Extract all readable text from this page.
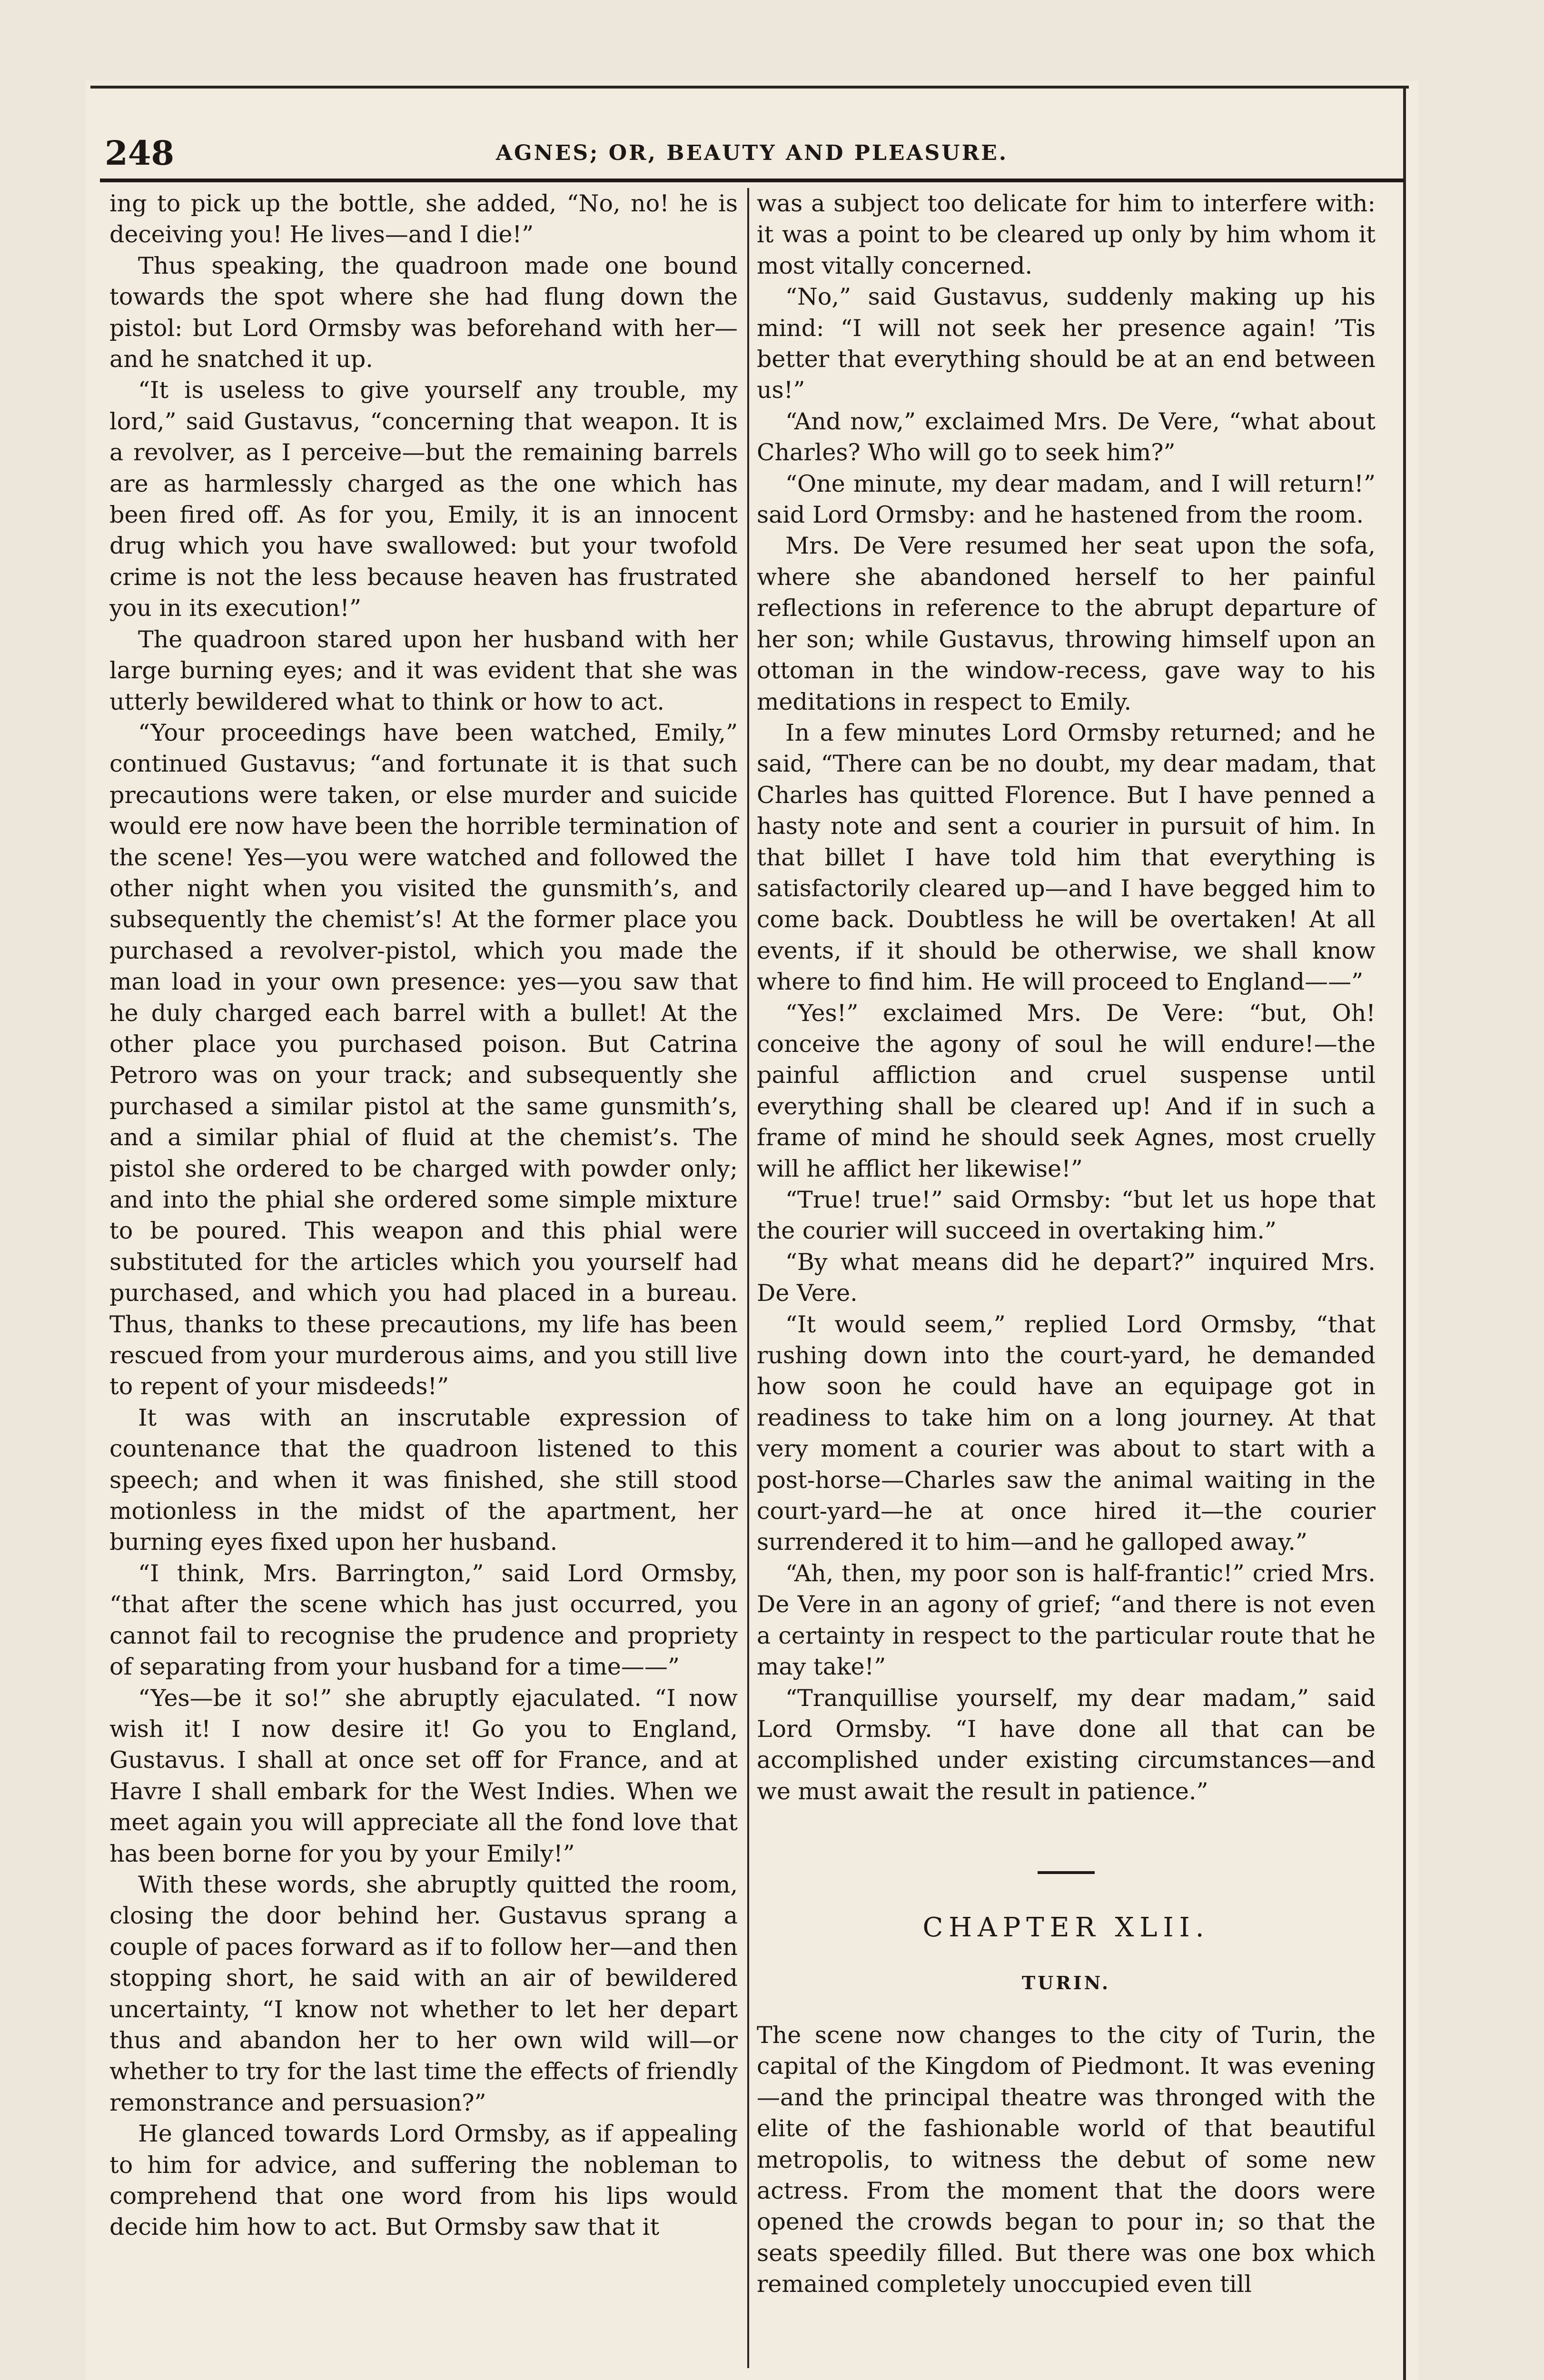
248	AGNES; OR, BEAUTY AND PLEASURE.

ing to pick up the bottle, she added, “No, no! he is deceiving you! He lives—and I die!”

Thus speaking, the quadroon made one bound towards the spot where she had flung down the pistol: but Lord Ormsby was beforehand with her—and he snatched it up.

“It is useless to give yourself any trouble, my lord,” said Gustavus, “concerning that weapon. It is a revolver, as I perceive—but the remaining barrels are as harmlessly charged as the one which has been fired off. As for you, Emily, it is an innocent drug which you have swallowed: but your twofold crime is not the less because heaven has frustrated you in its execution!”

The quadroon stared upon her husband with her large burning eyes; and it was evident that she was utterly bewildered what to think or how to act.

“Your proceedings have been watched, Emily,” continued Gustavus; “and fortunate it is that such precautions were taken, or else murder and suicide would ere now have been the horrible termination of the scene! Yes—you were watched and followed the other night when you visited the gunsmith’s, and subsequently the chemist’s! At the former place you purchased a revolver-pistol, which you made the man load in your own presence: yes—you saw that he duly charged each barrel with a bullet! At the other place you purchased poison. But Catrina Petroro was on your track; and subsequently she purchased a similar pistol at the same gunsmith’s, and a similar phial of fluid at the chemist’s. The pistol she ordered to be charged with powder only; and into the phial she ordered some simple mixture to be poured. This weapon and this phial were substituted for the articles which you yourself had purchased, and which you had placed in a bureau. Thus, thanks to these precautions, my life has been rescued from your murderous aims, and you still live to repent of your misdeeds!”

It was with an inscrutable expression of countenance that the quadroon listened to this speech; and when it was finished, she still stood motionless in the midst of the apartment, her burning eyes fixed upon her husband.

“I think, Mrs. Barrington,” said Lord Ormsby, “that after the scene which has just occurred, you cannot fail to recognise the prudence and propriety of separating from your husband for a time——”

“Yes—be it so!” she abruptly ejaculated. “I now wish it! I now desire it! Go you to England, Gustavus. I shall at once set off for France, and at Havre I shall embark for the West Indies. When we meet again you will appreciate all the fond love that has been borne for you by your Emily!”

With these words, she abruptly quitted the room, closing the door behind her. Gustavus sprang a couple of paces forward as if to follow her—and then stopping short, he said with an air of bewildered uncertainty, “I know not whether to let her depart thus and abandon her to her own wild will—or whether to try for the last time the effects of friendly remonstrance and persuasion?”

He glanced towards Lord Ormsby, as if appealing to him for advice, and suffering the nobleman to comprehend that one word from his lips would decide him how to act. But Ormsby saw that it

was a subject too delicate for him to interfere with: it was a point to be cleared up only by him whom it most vitally concerned.

“No,” said Gustavus, suddenly making up his mind: “I will not seek her presence again! ’Tis better that everything should be at an end between us!”

“And now,” exclaimed Mrs. De Vere, “what about Charles? Who will go to seek him?”

“One minute, my dear madam, and I will return!” said Lord Ormsby: and he hastened from the room.

Mrs. De Vere resumed her seat upon the sofa, where she abandoned herself to her painful reflections in reference to the abrupt departure of her son; while Gustavus, throwing himself upon an ottoman in the window-recess, gave way to his meditations in respect to Emily.

In a few minutes Lord Ormsby returned; and he said, “There can be no doubt, my dear madam, that Charles has quitted Florence. But I have penned a hasty note and sent a courier in pursuit of him. In that billet I have told him that everything is satisfactorily cleared up—and I have begged him to come back. Doubtless he will be overtaken! At all events, if it should be otherwise, we shall know where to find him. He will proceed to England——”

“Yes!” exclaimed Mrs. De Vere: “but, Oh! conceive the agony of soul he will endure!—the painful affliction and cruel suspense until everything shall be cleared up! And if in such a frame of mind he should seek Agnes, most cruelly will he afflict her likewise!”

“True! true!” said Ormsby: “but let us hope that the courier will succeed in overtaking him.”

“By what means did he depart?” inquired Mrs. De Vere.

“It would seem,” replied Lord Ormsby, “that rushing down into the court-yard, he demanded how soon he could have an equipage got in readiness to take him on a long journey. At that very moment a courier was about to start with a post-horse—Charles saw the animal waiting in the court-yard—he at once hired it—the courier surrendered it to him—and he galloped away.”

“Ah, then, my poor son is half-frantic!” cried Mrs. De Vere in an agony of grief; “and there is not even a certainty in respect to the particular route that he may take!”

“Tranquillise yourself, my dear madam,” said Lord Ormsby. “I have done all that can be accomplished under existing circumstances—and we must await the result in patience.”

CHAPTER XLII.
TURIN.

The scene now changes to the city of Turin, the capital of the Kingdom of Piedmont. It was evening—and the principal theatre was thronged with the elite of the fashionable world of that beautiful metropolis, to witness the debut of some new actress. From the moment that the doors were opened the crowds began to pour in; so that the seats speedily filled. But there was one box which remained completely unoccupied even till
